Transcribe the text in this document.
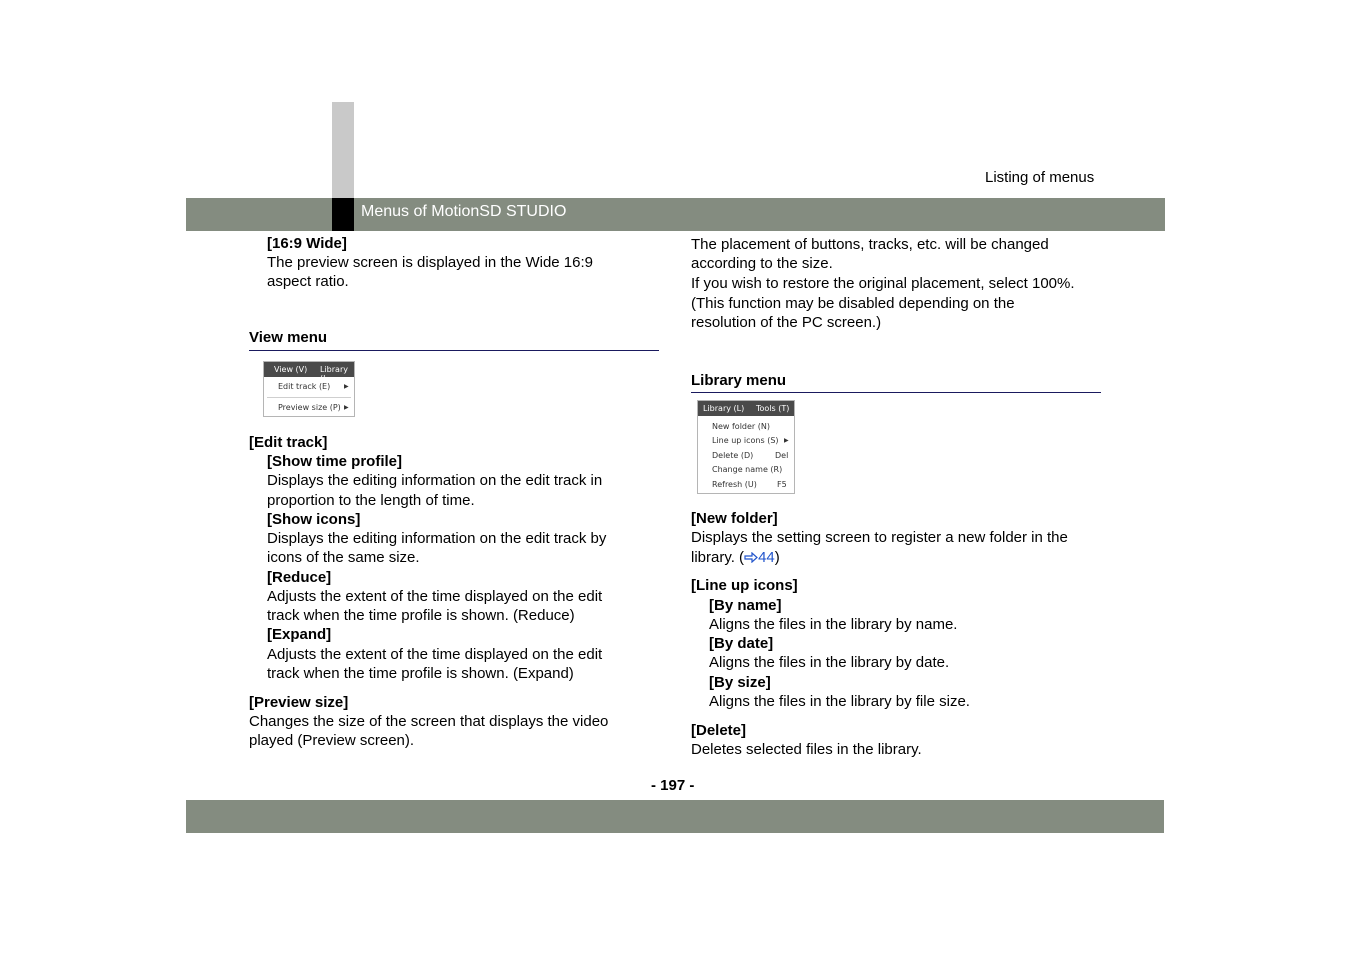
Listing of menus
Menus of MotionSD STUDIO
[16:9 Wide]
The preview screen is displayed in the Wide 16:9
aspect ratio.
View menu
View (V) Library (L
Edit track (E) ▶
Preview size (P) ▶
[Edit track]
[Show time profile]
Displays the editing information on the edit track in
proportion to the length of time.
[Show icons]
Displays the editing information on the edit track by
icons of the same size.
[Reduce]
Adjusts the extent of the time displayed on the edit
track when the time profile is shown. (Reduce)
[Expand]
Adjusts the extent of the time displayed on the edit
track when the time profile is shown. (Expand)
[Preview size]
Changes the size of the screen that displays the video
played (Preview screen).
The placement of buttons, tracks, etc. will be changed
according to the size.
If you wish to restore the original placement, select 100%.
(This function may be disabled depending on the
resolution of the PC screen.)
Library menu
Library (L) Tools (T)
New folder (N)
Line up icons (S) ▶
Delete (D)	Del
Change name (R)
Refresh (U)	F5
[New folder]
Displays the setting screen to register a new folder in the
library. ( 44)
[Line up icons]
[By name]
Aligns the files in the library by name.
[By date]
Aligns the files in the library by date.
[By size]
Aligns the files in the library by file size.
[Delete]
Deletes selected files in the library.
- 197 -
